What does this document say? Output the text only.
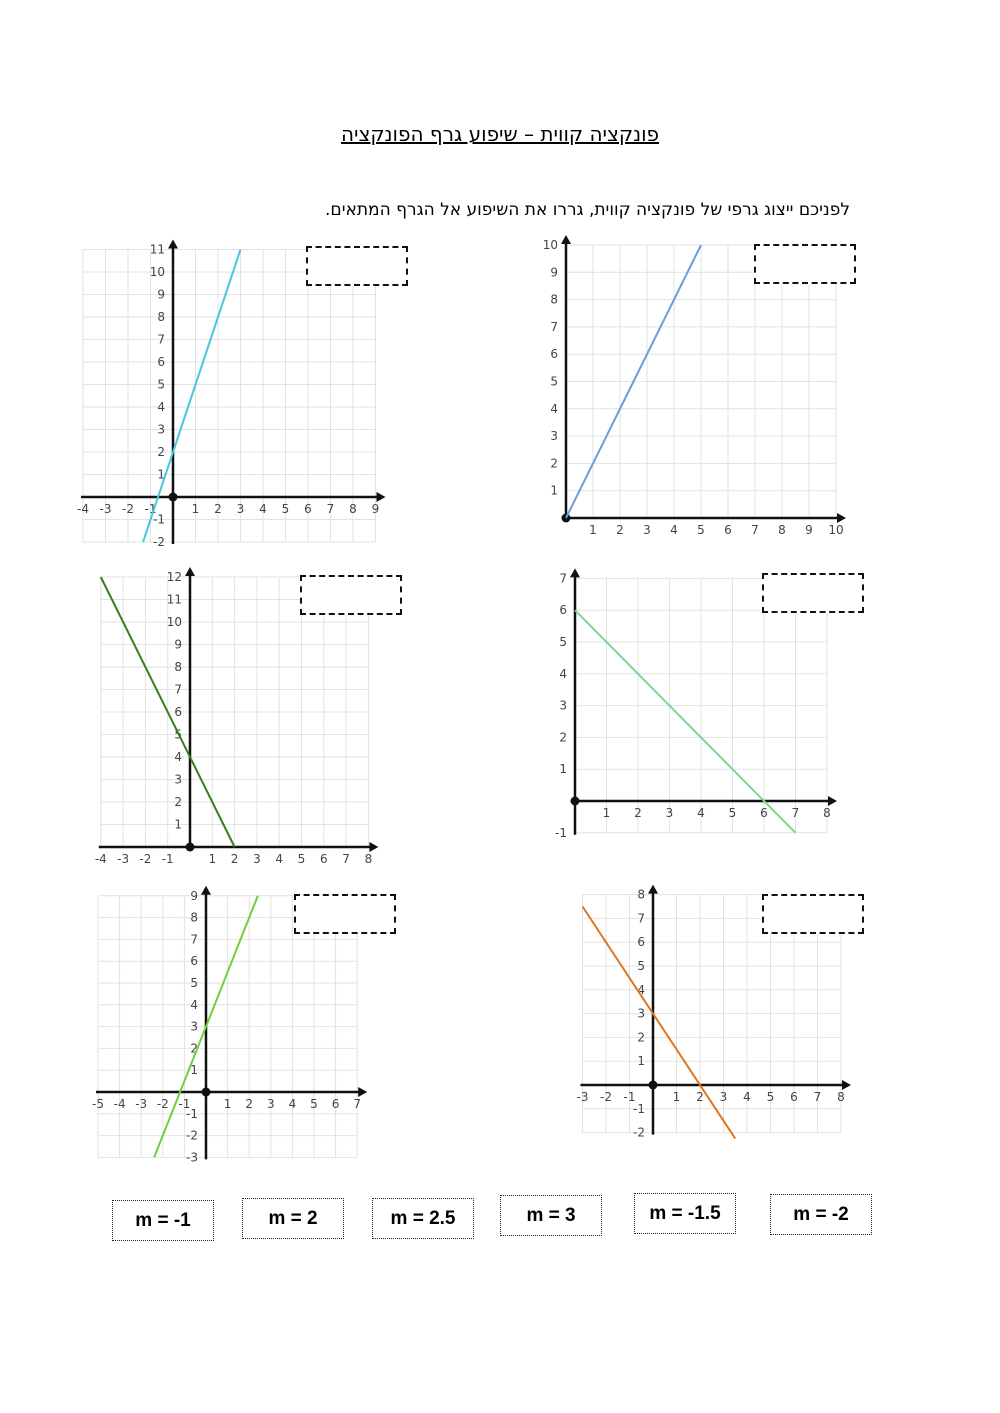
פונקציה קווית – שיפוע גרף הפונקציה
לפניכם ייצוג גרפי של פונקציה קווית, גררו את השיפוע אל הגרף המתאים.
1 2 3 4 5 6 7 8 9 10
1
2
3
4
5
6
7
8
9
10
-4 -3 -2 -1	1 2 3 4 5 6 7 8 9
-2
-1
1
2
3
4
5
6
7
8
9
10
11
1 2 3 4 5 6 7 8
-1
1
2
3
4
5
6
7
-4 -3 -2 -1	1 2 3 4 5 6 7 8
1
2
3
4
5
6
7
8
9
10
11
12
-3 -2 -1	1 2 3 4 5 6 7 8
-2
-1
1
2
3
4
5
6
7
8
-5 -4 -3 -2 -1	1 2 3 4 5 6 7
-3
-2
-1
1
2
3
4
5
6
7
8
9
m = -1	m = 2	m = 2.5	m = 3	m = -1.5	m = -2
